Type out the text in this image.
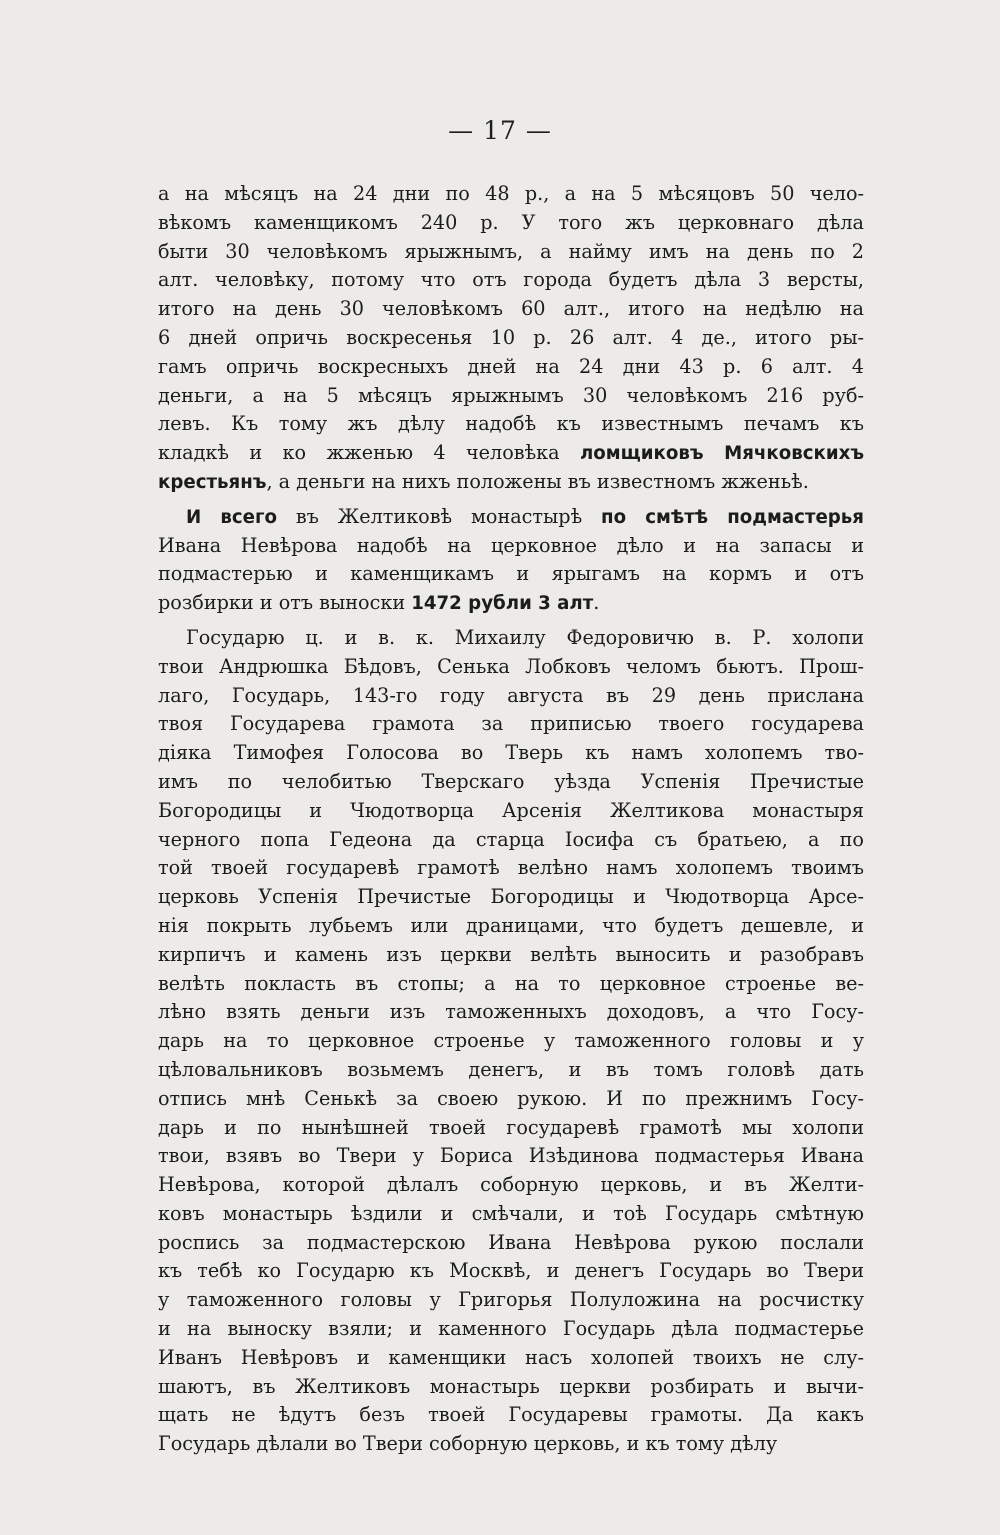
— 17 —
а на мѣсяцъ на 24 дни по 48 р., а на 5 мѣсяцовъ 50 чело-
вѣкомъ каменщикомъ 240 р. У того жъ церковнаго дѣла
быти 30 человѣкомъ ярыжнымъ, а найму имъ на день по 2
алт. человѣку, потому что отъ города будетъ дѣла 3 версты,
итого на день 30 человѣкомъ 60 алт., итого на недѣлю на
6 дней опричь воскресенья 10 р. 26 алт. 4 де., итого ры-
гамъ опричь воскресныхъ дней на 24 дни 43 р. 6 алт. 4
деньги, а на 5 мѣсяцъ ярыжнымъ 30 человѣкомъ 216 руб-
левъ. Къ тому жъ дѣлу надобѣ къ известнымъ печамъ къ
кладкѣ и ко жженью 4 человѣка ломщиковъ Мячковскихъ
крестьянъ, а деньги на нихъ положены въ известномъ жженьѣ.
И всего въ Желтиковѣ монастырѣ по смѣтѣ подмастерья
Ивана Невѣрова надобѣ на церковное дѣло и на запасы и
подмастерью и каменщикамъ и ярыгамъ на кормъ и отъ
розбирки и отъ выноски 1472 рубли 3 алт.
Государю ц. и в. к. Михаилу Федоровичю в. Р. холопи
твои Андрюшка Бѣдовъ, Сенька Лобковъ челомъ бьютъ. Прош-
лаго, Государь, 143-го году августа въ 29 день прислана
твоя Государева грамота за приписью твоего государева
діяка Тимофея Голосова во Тверь къ намъ холопемъ тво-
имъ по челобитью Тверскаго уѣзда Успенія Пречистые
Богородицы и Чюдотворца Арсенія Желтикова монастыря
черного попа Гедеона да старца Іосифа съ братьею, а по
той твоей государевѣ грамотѣ велѣно намъ холопемъ твоимъ
церковь Успенія Пречистые Богородицы и Чюдотворца Арсе-
нія покрыть лубьемъ или драницами, что будетъ дешевле, и
кирпичъ и камень изъ церкви велѣть выносить и разобравъ
велѣть покласть въ стопы; а на то церковное строенье ве-
лѣно взять деньги изъ таможенныхъ доходовъ, а что Госу-
дарь на то церковное строенье у таможенного головы и у
цѣловальниковъ возьмемъ денегъ, и въ томъ головѣ дать
отпись мнѣ Сенькѣ за своею рукою. И по прежнимъ Госу-
дарь и по нынѣшней твоей государевѣ грамотѣ мы холопи
твои, взявъ во Твери у Бориса Изѣдинова подмастерья Ивана
Невѣрова, которой дѣлалъ соборную церковь, и въ Желти-
ковъ монастырь ѣздили и смѣчали, и тоѣ Государь смѣтную
роспись за подмастерскою Ивана Невѣрова рукою послали
къ тебѣ ко Государю къ Москвѣ, и денегъ Государь во Твери
у таможенного головы у Григорья Полуложина на росчистку
и на выноску взяли; и каменного Государь дѣла подмастерье
Иванъ Невѣровъ и каменщики насъ холопей твоихъ не слу-
шаютъ, въ Желтиковъ монастырь церкви розбирать и вычи-
щать не ѣдутъ безъ твоей Государевы грамоты. Да какъ
Государь дѣлали во Твери соборную церковь, и къ тому дѣлу
